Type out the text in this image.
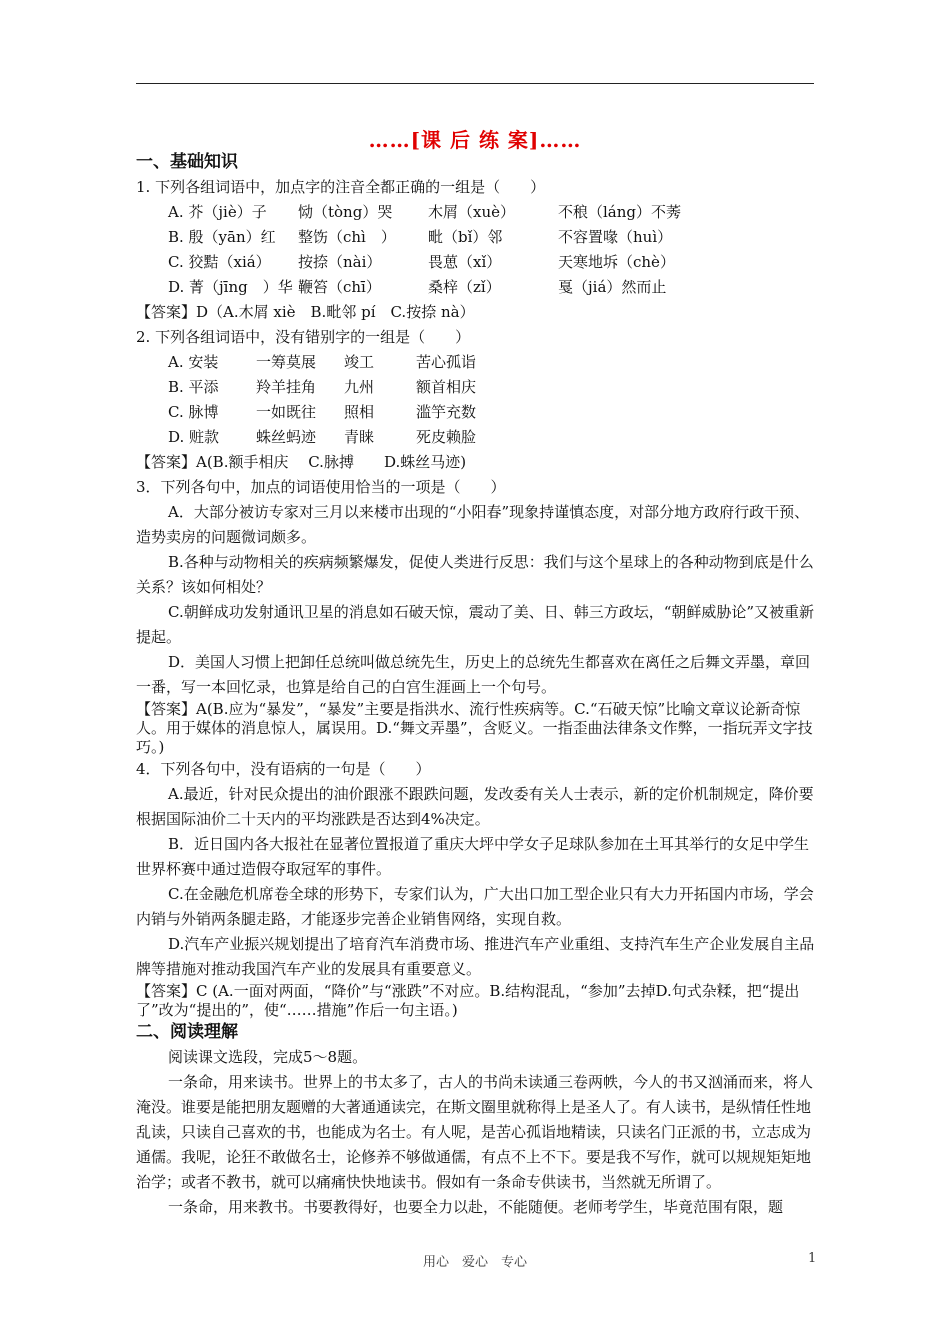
……[课 后 练 案]……

一、基础知识

1. 下列各组词语中，加点字的注音全都正确的一组是（　　）

A. 芥（jiè）子	恸（tòng）哭	木屑（xuè）	不稂（láng）不莠
B. 殷（yān）红	整饬（chì　）	毗（bǐ）邻	不容置喙（huì）
C. 狡黠（xiá）	按捺（nài）	畏葸（xǐ）	天寒地坼（chè）
D. 菁（jīng　）华 鞭笞（chī）	桑梓（zǐ）	戛（jiá）然而止

【答案】D（A.木屑 xiè　B.毗邻 pí　C.按捺 nà）

2. 下列各组词语中，没有错别字的一组是（　　）

A. 安装	一筹莫展	竣工	苦心孤诣
B. 平添	羚羊挂角	九州	额首相庆
C. 脉博	一如既往	照相	滥竽充数
D. 赃款	蛛丝蚂迹	青睐	死皮赖脸

【答案】A(B.额手相庆　 C.脉搏　　D.蛛丝马迹)

3．下列各句中，加点的词语使用恰当的一项是（　　）

A．大部分被访专家对三月以来楼市出现的“小阳春”现象持谨慎态度，对部分地方政府行政干预、造势卖房的问题微词颇多。

B.各种与动物相关的疾病频繁爆发，促使人类进行反思：我们与这个星球上的各种动物到底是什么关系？该如何相处？

C.朝鲜成功发射通讯卫星的消息如石破天惊，震动了美、日、韩三方政坛，“朝鲜威胁论”又被重新提起。

D．美国人习惯上把卸任总统叫做总统先生，历史上的总统先生都喜欢在离任之后舞文弄墨，章回一番，写一本回忆录，也算是给自己的白宫生涯画上一个句号。

【答案】A(B.应为“暴发”，“暴发”主要是指洪水、流行性疾病等。C.“石破天惊”比喻文章议论新奇惊人。用于媒体的消息惊人，属误用。D.“舞文弄墨”，含贬义。一指歪曲法律条文作弊，一指玩弄文字技巧。)

4．下列各句中，没有语病的一句是（　　）

A.最近，针对民众提出的油价跟涨不跟跌问题，发改委有关人士表示，新的定价机制规定，降价要根据国际油价二十天内的平均涨跌是否达到4%决定。

B．近日国内各大报社在显著位置报道了重庆大坪中学女子足球队参加在土耳其举行的女足中学生世界杯赛中通过造假夺取冠军的事件。

C.在金融危机席卷全球的形势下，专家们认为，广大出口加工型企业只有大力开拓国内市场，学会内销与外销两条腿走路，才能逐步完善企业销售网络，实现自救。

D.汽车产业振兴规划提出了培育汽车消费市场、推进汽车产业重组、支持汽车生产企业发展自主品牌等措施对推动我国汽车产业的发展具有重要意义。

【答案】C (A.一面对两面，“降价”与“涨跌”不对应。B.结构混乱，“参加”去掉D.句式杂糅，把“提出了”改为“提出的”，使“……措施”作后一句主语。)

二、阅读理解

阅读课文选段，完成5～8题。

一条命，用来读书。世界上的书太多了，古人的书尚未读通三卷两帙，今人的书又汹涌而来，将人淹没。谁要是能把朋友题赠的大著通通读完，在斯文圈里就称得上是圣人了。有人读书，是纵情任性地乱读，只读自己喜欢的书，也能成为名士。有人呢，是苦心孤诣地精读，只读名门正派的书，立志成为通儒。我呢，论狂不敢做名士，论修养不够做通儒，有点不上不下。要是我不写作，就可以规规矩矩地治学；或者不教书，就可以痛痛快快地读书。假如有一条命专供读书，当然就无所谓了。

一条命，用来教书。书要教得好，也要全力以赴，不能随便。老师考学生，毕竟范围有限，题

用心　爱心　专心	1
